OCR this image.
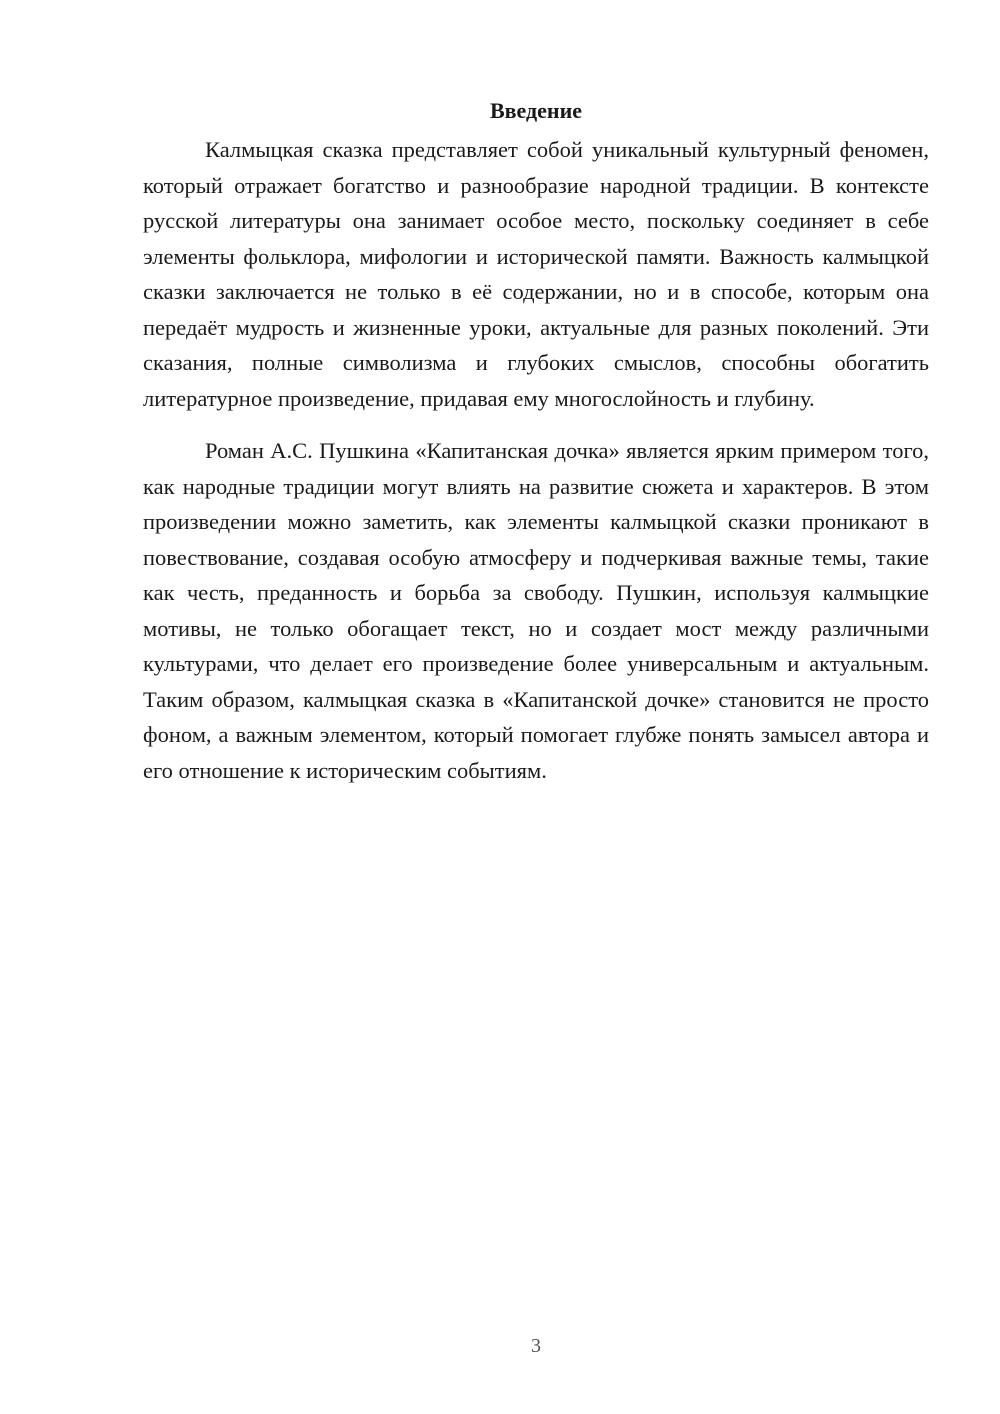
Введение

Калмыцкая сказка представляет собой уникальный культурный феномен, который отражает богатство и разнообразие народной традиции. В контексте русской литературы она занимает особое место, поскольку соединяет в себе элементы фольклора, мифологии и исторической памяти. Важность калмыцкой сказки заключается не только в её содержании, но и в способе, которым она передаёт мудрость и жизненные уроки, актуальные для разных поколений. Эти сказания, полные символизма и глубоких смыслов, способны обогатить литературное произведение, придавая ему многослойность и глубину.

Роман А.С. Пушкина «Капитанская дочка» является ярким примером того, как народные традиции могут влиять на развитие сюжета и характеров. В этом произведении можно заметить, как элементы калмыцкой сказки проникают в повествование, создавая особую атмосферу и подчеркивая важные темы, такие как честь, преданность и борьба за свободу. Пушкин, используя калмыцкие мотивы, не только обогащает текст, но и создает мост между различными культурами, что делает его произведение более универсальным и актуальным. Таким образом, калмыцкая сказка в «Капитанской дочке» становится не просто фоном, а важным элементом, который помогает глубже понять замысел автора и его отношение к историческим событиям.

3
